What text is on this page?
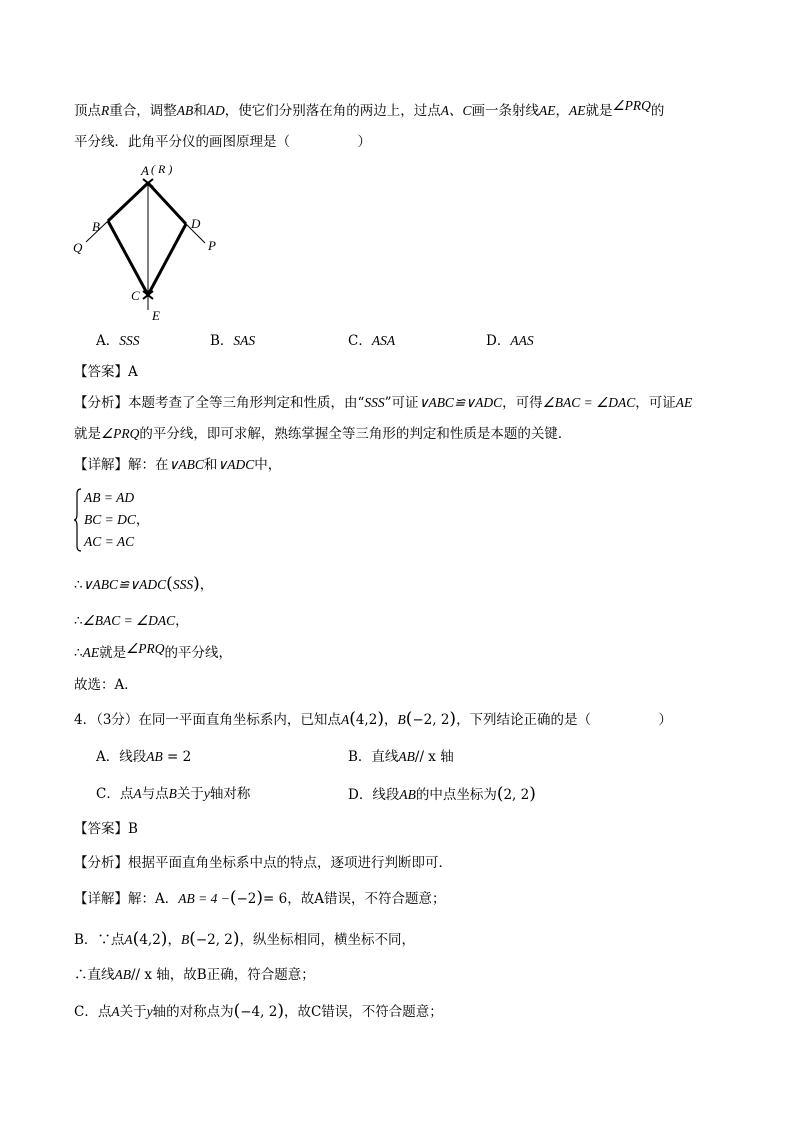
顶点R重合，调整AB和AD，使它们分别落在角的两边上，过点A、C画一条射线AE，AE就是∠PRQ的
平分线．此角平分仪的画图原理是（　　　　　）
A ( R )
B	D
Q	P
C
E
A．SSS	B．SAS	C．ASA	D．AAS
【答案】A
【分析】本题考查了全等三角形判定和性质，由“SSS”可证∨ABC≌∨ADC，可得∠BAC = ∠DAC，可证AE
就是∠PRQ的平分线，即可求解，熟练掌握全等三角形的判定和性质是本题的关键．
【详解】解：在∨ABC和∨ADC中，
AB = AD
BC = DC，
AC = AC
∴∨ABC≌∨ADC(SSS)，
∴∠BAC = ∠DAC，
∴AE就是∠PRQ的平分线，
故选：A．
4．（3分）在同一平面直角坐标系内，已知点A(4,2)，B(−2, 2)，下列结论正确的是（　　　　　）
A．线段AB = 2	B．直线AB// x 轴
C．点A与点B关于y轴对称	D．线段AB的中点坐标为(2, 2)
【答案】B
【分析】根据平面直角坐标系中点的特点，逐项进行判断即可．
【详解】解：A．AB = 4 −(−2)= 6，故A错误，不符合题意；
B．∵点A(4,2)，B(−2, 2)，纵坐标相同，横坐标不同，
∴直线AB// x 轴，故B正确，符合题意；
C．点A关于y轴的对称点为(−4, 2)，故C错误，不符合题意；
